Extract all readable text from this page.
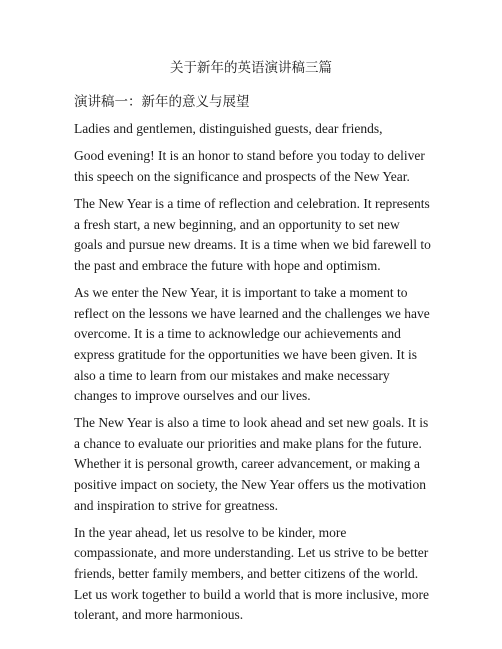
关于新年的英语演讲稿三篇

演讲稿一：新年的意义与展望

Ladies and gentlemen, distinguished guests, dear friends,

Good evening! It is an honor to stand before you today to deliver this speech on the significance and prospects of the New Year.

The New Year is a time of reflection and celebration. It represents a fresh start, a new beginning, and an opportunity to set new goals and pursue new dreams. It is a time when we bid farewell to the past and embrace the future with hope and optimism.

As we enter the New Year, it is important to take a moment to reflect on the lessons we have learned and the challenges we have overcome. It is a time to acknowledge our achievements and express gratitude for the opportunities we have been given. It is also a time to learn from our mistakes and make necessary changes to improve ourselves and our lives.

The New Year is also a time to look ahead and set new goals. It is a chance to evaluate our priorities and make plans for the future. Whether it is personal growth, career advancement, or making a positive impact on society, the New Year offers us the motivation and inspiration to strive for greatness.

In the year ahead, let us resolve to be kinder, more compassionate, and more understanding. Let us strive to be better friends, better family members, and better citizens of the world. Let us work together to build a world that is more inclusive, more tolerant, and more harmonious.
